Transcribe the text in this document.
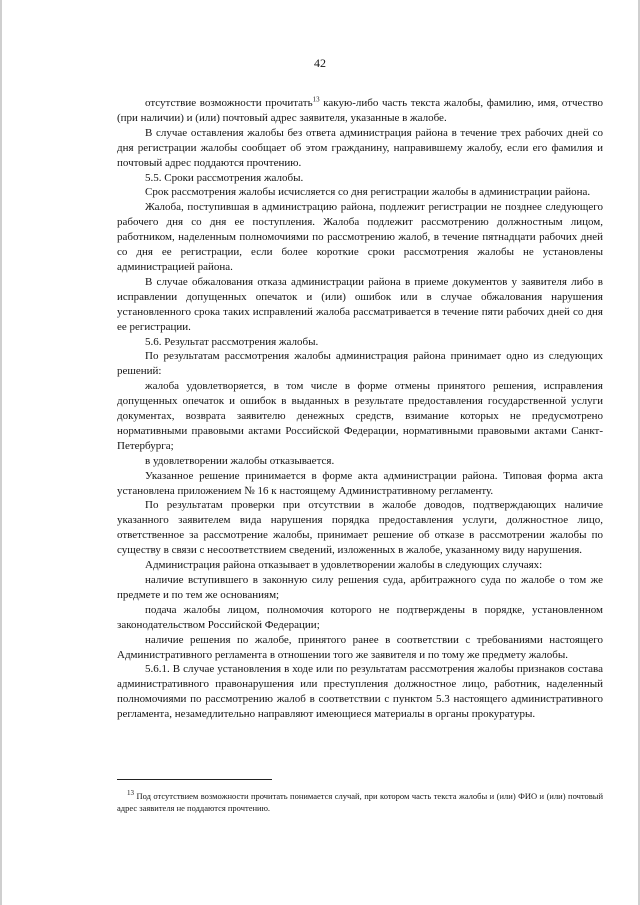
42

отсутствие возможности прочитать$^{13}$ какую-либо часть текста жалобы, фамилию, имя, отчество (при наличии) и (или) почтовый адрес заявителя, указанные в жалобе.

В случае оставления жалобы без ответа администрация района в течение трех рабочих дней со дня регистрации жалобы сообщает об этом гражданину, направившему жалобу, если его фамилия и почтовый адрес поддаются прочтению.

5.5. Сроки рассмотрения жалобы.

Срок рассмотрения жалобы исчисляется со дня регистрации жалобы в администрации района.

Жалоба, поступившая в администрацию района, подлежит регистрации не позднее следующего рабочего дня со дня ее поступления. Жалоба подлежит рассмотрению должностным лицом, работником, наделенным полномочиями по рассмотрению жалоб, в течение пятнадцати рабочих дней со дня ее регистрации, если более короткие сроки рассмотрения жалобы не установлены администрацией района.

В случае обжалования отказа администрации района в приеме документов у заявителя либо в исправлении допущенных опечаток и (или) ошибок или в случае обжалования нарушения установленного срока таких исправлений жалоба рассматривается в течение пяти рабочих дней со дня ее регистрации.

5.6. Результат рассмотрения жалобы.

По результатам рассмотрения жалобы администрация района принимает одно из следующих решений:

жалоба удовлетворяется, в том числе в форме отмены принятого решения, исправления допущенных опечаток и ошибок в выданных в результате предоставления государственной услуги документах, возврата заявителю денежных средств, взимание которых не предусмотрено нормативными правовыми актами Российской Федерации, нормативными правовыми актами Санкт-Петербурга;

в удовлетворении жалобы отказывается.

Указанное решение принимается в форме акта администрации района. Типовая форма акта установлена приложением № 16 к настоящему Административному регламенту.

По результатам проверки при отсутствии в жалобе доводов, подтверждающих наличие указанного заявителем вида нарушения порядка предоставления услуги, должностное лицо, ответственное за рассмотрение жалобы, принимает решение об отказе в рассмотрении жалобы по существу в связи с несоответствием сведений, изложенных в жалобе, указанному виду нарушения.

Администрация района отказывает в удовлетворении жалобы в следующих случаях:

наличие вступившего в законную силу решения суда, арбитражного суда по жалобе о том же предмете и по тем же основаниям;

подача жалобы лицом, полномочия которого не подтверждены в порядке, установленном законодательством Российской Федерации;

наличие решения по жалобе, принятого ранее в соответствии с требованиями настоящего Административного регламента в отношении того же заявителя и по тому же предмету жалобы.

5.6.1. В случае установления в ходе или по результатам рассмотрения жалобы признаков состава административного правонарушения или преступления должностное лицо, работник, наделенный полномочиями по рассмотрению жалоб в соответствии с пунктом 5.3 настоящего административного регламента, незамедлительно направляют имеющиеся материалы в органы прокуратуры.

$^{13}$ Под отсутствием возможности прочитать понимается случай, при котором часть текста жалобы и (или) ФИО и (или) почтовый адрес заявителя не поддаются прочтению.
